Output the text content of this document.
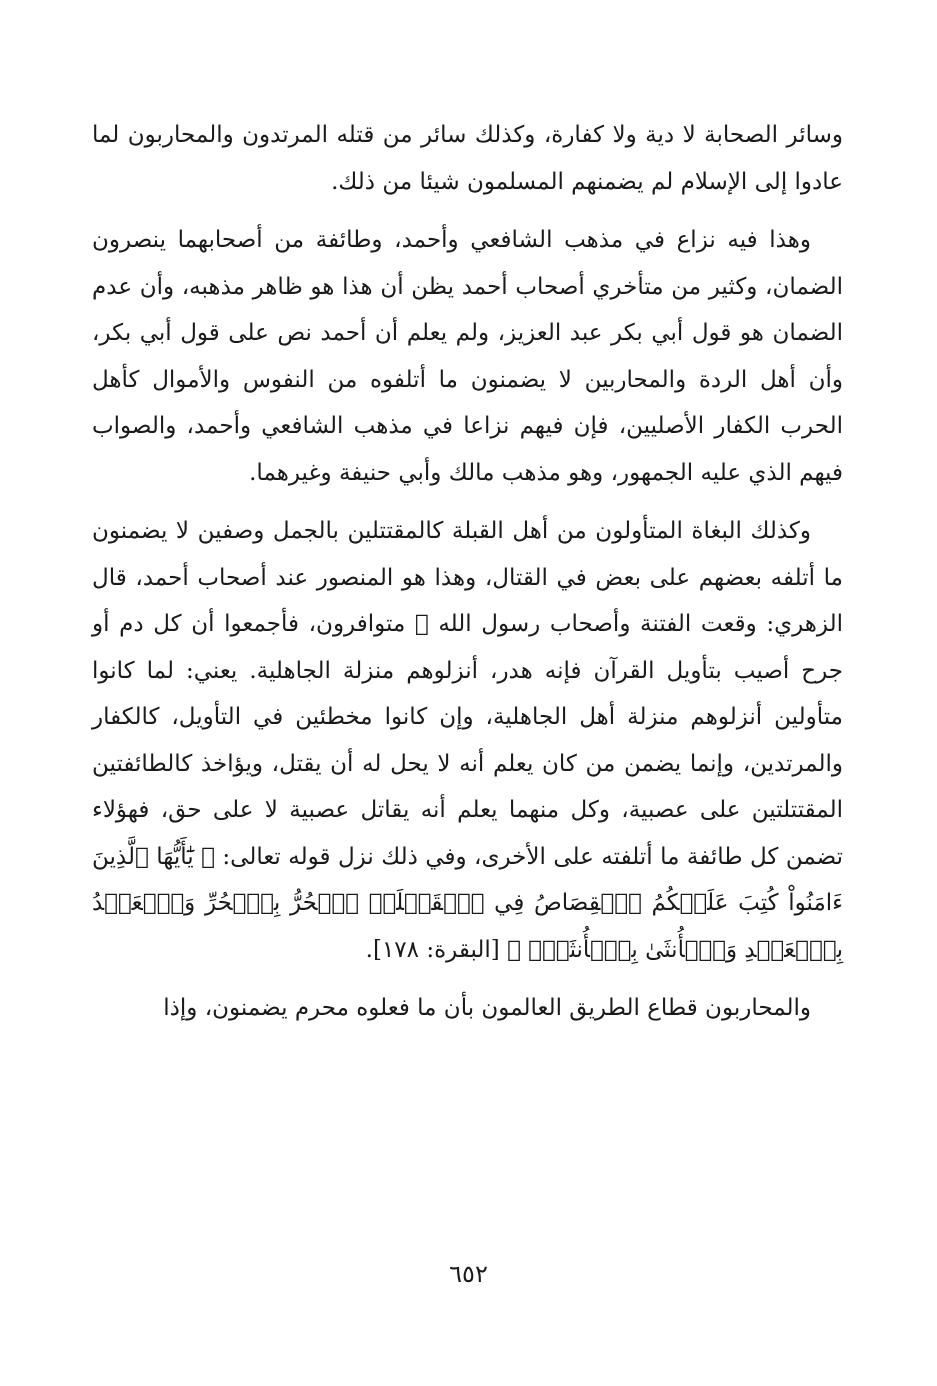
وسائر الصحابة لا دية ولا كفارة، وكذلك سائر من قتله المرتدون والمحاربون لما عادوا إلى الإسلام لم يضمنهم المسلمون شيئا من ذلك.

وهذا فيه نزاع في مذهب الشافعي وأحمد، وطائفة من أصحابهما ينصرون الضمان، وكثير من متأخري أصحاب أحمد يظن أن هذا هو ظاهر مذهبه، وأن عدم الضمان هو قول أبي بكر عبد العزيز، ولم يعلم أن أحمد نص على قول أبي بكر، وأن أهل الردة والمحاربين لا يضمنون ما أتلفوه من النفوس والأموال كأهل الحرب الكفار الأصليين، فإن فيهم نزاعا في مذهب الشافعي وأحمد، والصواب فيهم الذي عليه الجمهور، وهو مذهب مالك وأبي حنيفة وغيرهما.

وكذلك البغاة المتأولون من أهل القبلة كالمقتتلين بالجمل وصفين لا يضمنون ما أتلفه بعضهم على بعض في القتال، وهذا هو المنصور عند أصحاب أحمد، قال الزهري: وقعت الفتنة وأصحاب رسول الله ﷺ متوافرون، فأجمعوا أن كل دم أو جرح أصيب بتأويل القرآن فإنه هدر، أنزلوهم منزلة الجاهلية. يعني: لما كانوا متأولين أنزلوهم منزلة أهل الجاهلية، وإن كانوا مخطئين في التأويل، كالكفار والمرتدين، وإنما يضمن من كان يعلم أنه لا يحل له أن يقتل، ويؤاخذ كالطائفتين المقتتلتين على عصبية، وكل منهما يعلم أنه يقاتل عصبية لا على حق، فهؤلاء تضمن كل طائفة ما أتلفته على الأخرى، وفي ذلك نزل قوله تعالى: ﴿ يَٰٓأَيُّهَا ٱلَّذِينَ ءَامَنُواْ كُتِبَ عَلَيۡكُمُ ٱلۡقِصَاصُ فِي ٱلۡقَتۡلَىۖ ٱلۡحُرُّ بِٱلۡحُرِّ وَٱلۡعَبۡدُ بِٱلۡعَبۡدِ وَٱلۡأُنثَىٰ بِٱلۡأُنثَىٰۚ ﴾ [البقرة: ١٧٨].

والمحاربون قطاع الطريق العالمون بأن ما فعلوه محرم يضمنون، وإذا

٦٥٢
